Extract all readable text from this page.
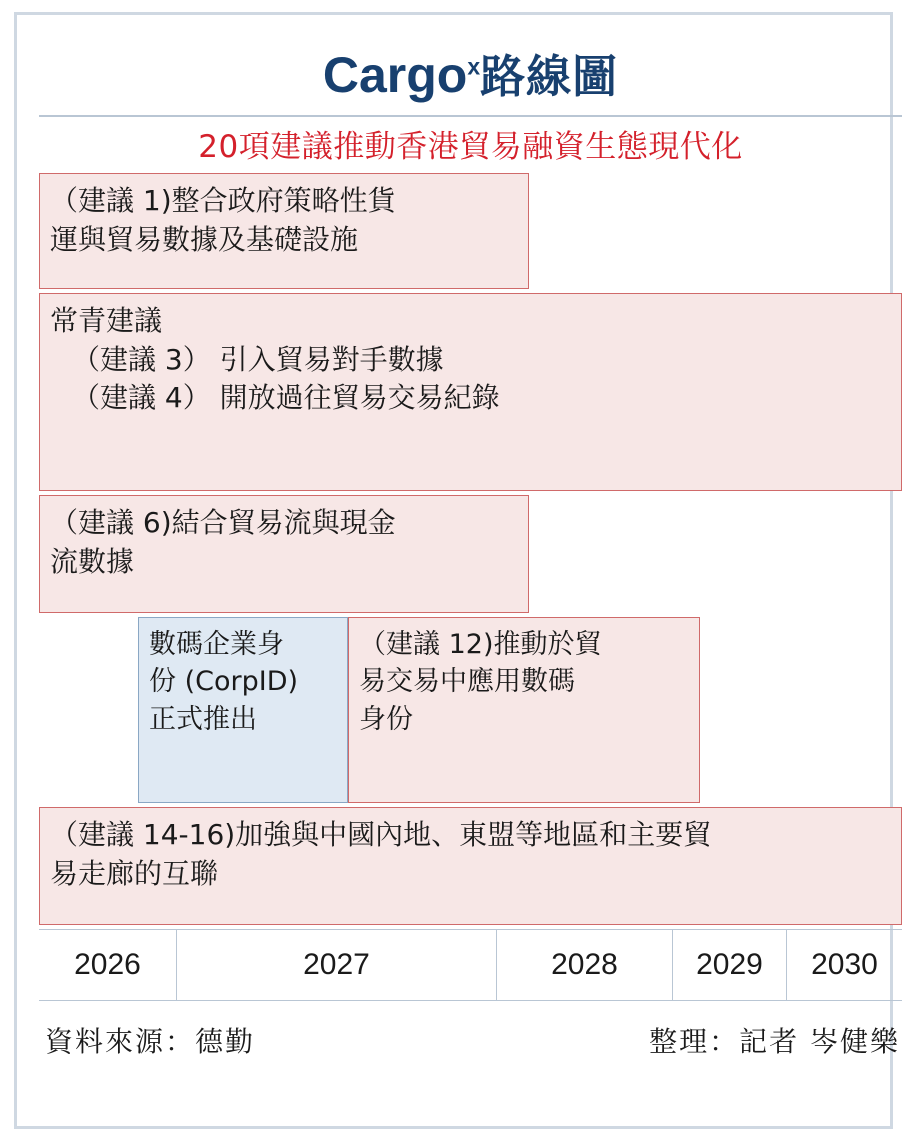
Cargo$^x$路線圖
20項建議推動香港貿易融資生態現代化
（建議 1)整合政府策略性貨
運與貿易數據及基礎設施
常青建議
（建議 3） 引入貿易對手數據
（建議 4） 開放過往貿易交易紀錄
（建議 6)結合貿易流與現金
流數據
數碼企業身
份 (CorpID)
正式推出
（建議 12)推動於貿
易交易中應用數碼
身份
（建議 14-16)加強與中國內地、東盟等地區和主要貿
易走廊的互聯
2026	2027	2028	2029	2030
資料來源：德勤	整理：記者 岑健樂
